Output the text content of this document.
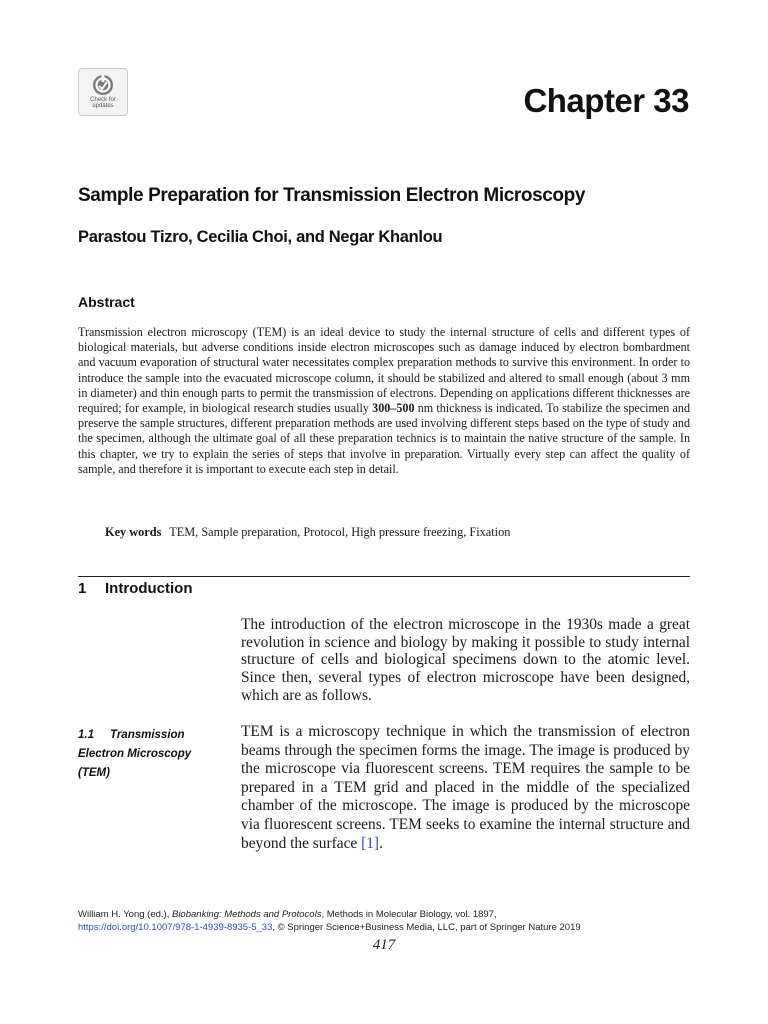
Check for
updates	Chapter 33
Sample Preparation for Transmission Electron Microscopy
Parastou Tizro, Cecilia Choi, and Negar Khanlou
Abstract
Transmission electron microscopy (TEM) is an ideal device to study the internal structure of cells and different types of biological materials, but adverse conditions inside electron microscopes such as damage induced by electron bombardment and vacuum evaporation of structural water necessitates complex preparation methods to survive this environment. In order to introduce the sample into the evacuated microscope column, it should be stabilized and altered to small enough (about 3 mm in diameter) and thin enough parts to permit the transmission of electrons. Depending on applications different thicknesses are required; for example, in biological research studies usually 300–500 nm thickness is indicated. To stabilize the specimen and preserve the sample structures, different preparation methods are used involving different steps based on the type of study and the specimen, although the ultimate goal of all these preparation technics is to maintain the native structure of the sample. In this chapter, we try to explain the series of steps that involve in preparation. Virtually every step can affect the quality of sample, and therefore it is important to execute each step in detail.
Key words TEM, Sample preparation, Protocol, High pressure freezing, Fixation
1 Introduction
The introduction of the electron microscope in the 1930s made a great revolution in science and biology by making it possible to study internal structure of cells and biological specimens down to the atomic level. Since then, several types of electron microscope have been designed, which are as follows.
1.1 Transmission Electron Microscopy (TEM)
TEM is a microscopy technique in which the transmission of electron beams through the specimen forms the image. The image is produced by the microscope via fluorescent screens. TEM requires the sample to be prepared in a TEM grid and placed in the middle of the specialized chamber of the microscope. The image is produced by the microscope via fluorescent screens. TEM seeks to examine the internal structure and beyond the surface [1].
William H. Yong (ed.), Biobanking: Methods and Protocols, Methods in Molecular Biology, vol. 1897,
https://doi.org/10.1007/978-1-4939-8935-5_33, © Springer Science+Business Media, LLC, part of Springer Nature 2019
417
